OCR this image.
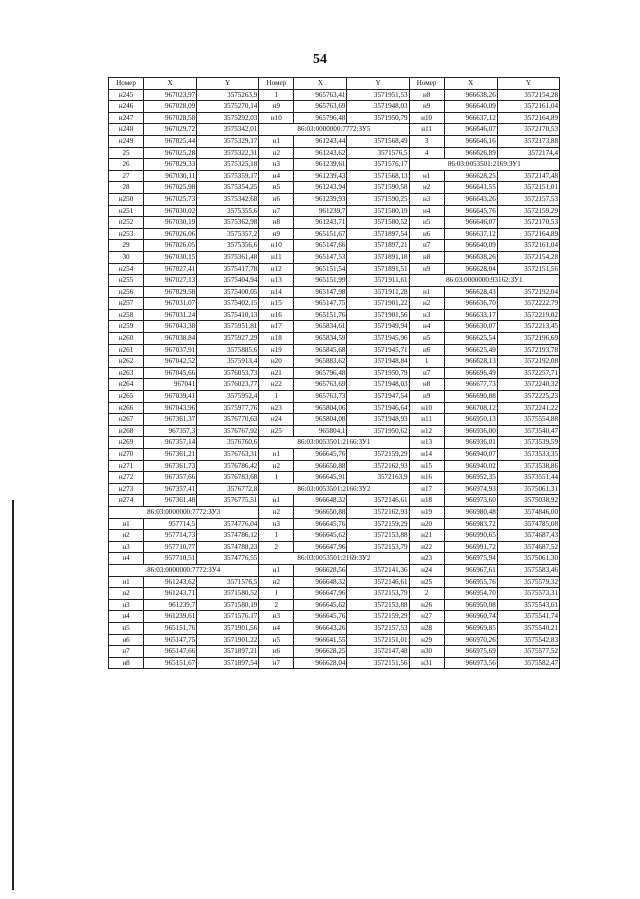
54
Номер	X	Y	Номер	X	Y	Номер	X	Y
н245	967023,97	3575263,9	1	965763,41	3571951,53	н8	966638,26	3572154,28
н246	967028,09	3575270,14	н9	965763,69	3571948,03	н9	966640,09	3572161,04
н247	967028,58	3575292,03	н10	965796,48	3571950,79	н10	966637,12	3572164,89
н248	967029,72	3575342,01	86:03:0000000:7772:ЗУ5			н11	966646,07	3572170,53
н249	967025,44	3575329,17	н1	961243,44	3571568,49	3	966646,16	3572173,88
25	967025,28	3575322,31	н2	961243,62	3571576,5	4	966626,89	3572174,4
26	967029,33	3575325,18	н3	961239,61	3571576,17	86:03:0053501:2169:ЗУ1		
27	967030,11	3575359,17	н4	961239,43	3571568,13	н1	966628,25	3572147,48
28	967025,98	3575354,25	н5	961243,94	3571590,58	н2	966641,55	3572151,01
н250	967025,73	3575342,68	н6	961239,93	3571590,25	н3	966643,26	3572157,53
н251	967030,02	3575355,6	н7	961239,7	3571580,19	н4	966645,76	3572159,29
н252	967030,19	3575362,98	н8	961243,71	3571580,52	н5	966646,07	3572170,53
н253	967026,06	3575357,2	н9	965151,67	3571897,54	н6	966637,12	3572164,89
29	967026,05	3575356,6	н10	965147,66	3571897,21	н7	966640,09	3572161,04
30	967030,15	3575361,48	н11	965147,53	3571891,18	н8	966638,26	3572154,28
н254	967027,41	3575417,78	н12	965151,54	3571891,51	н9	966628,04	3572151,56
н255	967027,13	3575404,94	н13	965151,99	3571911,61	86:03:0000000:93162:ЗУ1		
н256	967029,58	3575400,05	н14	965147,98	3571911,28	н1	966628,43	3572192,04
н257	967031,07	3575402,15	н15	965147,75	3571901,22	н2	966636,70	3572222,79
н258	967031,24	3575410,13	н16	965151,76	3571901,56	н3	966633,17	3572219,02
н259	967043,38	3575951,81	н17	965834,61	3571949,94	н4	966630,07	3572213,45
н260	967038,84	3575927,29	н18	965834,59	3571945,96	н5	966625,54	3572196,69
н261	967037,91	3575885,6	н19	965845,68	3571945,71	н6	966625,49	3572193,78
н262	967042,52	3575913,4	н20	965883,62	3571948,84	1	966628,13	3572192,08
н263	967045,66	3576053,73	н21	965796,48	3571950,79	н7	966696,49	3572257,71
н264	967041	3576023,77	н22	965763,69	3571948,03	н8	966677,73	3572240,32
н265	967039,41	3575952,4	1	965763,73	3571947,54	н9	966690,88	3572225,23
н266	967043,96	3575977,76	н23	965804,06	3571946,64	н10	966708,12	3572241,22
н267	967361,37	3576770,63	н24	965804,08	3571948,93	н11	966950,13	3575554,88
н268	967357,3	3576767,92	н25	965804,1	3571950,62	н12	966936,00	3573540,47
н269	967357,14	3576760,6	86:03:0053501:2166:ЗУ1			н13	966936,01	3573539,59
н270	967361,21	3576763,31	н1	966645,76	3572159,29	н14	966940,07	3573533,35
н271	967361,73	3576786,42	н2	966650,88	3572162,93	н15	966940,02	3573538,86
н272	967357,66	3576783,68	1	966645,91	3572163,9	н16	966952,35	3573551,44
н273	967357,41	3576772,8	86:03:0053501:2166:ЗУ2			н17	966974,93	3575061,31
н274	967361,48	3576775,51	н1	966648,32	3572146,61	н18	966973,60	3575038,92
86:03:0000000:7772:ЗУ3			н2	966650,88	3572162,93	н19	966980,48	3574846,00
н1	957714,5	3574776,04	н3	966645,76	3572159,29	н20	966983,72	3574785,08
н2	957714,73	3574786,12	1	966645,62	3572153,88	н21	966990,65	3574687,43
н3	957710,77	3574788,23	2	966647,96	3572153,79	н22	966991,72	3574687,52
н4	957710,51	3574776,55	86:03:0053501:2169:ЗУ2			н23	966975,94	3575061,30
86:03:0000000:7772:ЗУ4			н1	966628,56	3572141,36	н24	966967,61	3575583,46
н1	961243,62	3571576,5	н2	966648,32	3572146,61	н25	966955,76	3575579,32
н2	961243,71	3571580,52	1	966647,96	3572153,79	2	966954,70	3575573,31
н3	961239,7	3571580,19	2	966645,62	3572153,88	н26	966950,08	3575543,61
н4	961239,61	3571576,17	н3	966645,76	3572159,29	н27	966960,74	3575541,74
н5	965151,76	3571901,56	н4	966643,26	3572157,53	н28	966969,85	3575540,21
н6	965147,75	3571901,22	н5	966641,55	3572151,01	н29	966970,26	3575542,83
н7	965147,66	3571897,21	н6	966628,25	3572147,48	н30	966975,69	3575577,52
н8	965151,67	3571897,54	н7	966628,04	3572151,56	н31	966973,56	3575582,47
